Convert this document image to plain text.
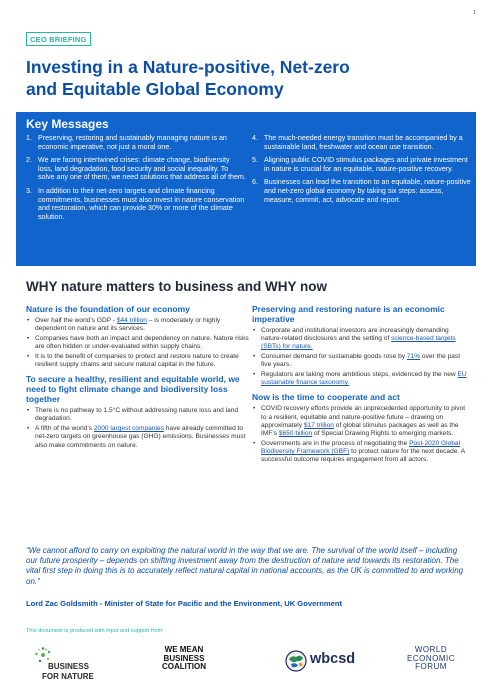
1
CEO BRIEFING
Investing in a Nature-positive, Net-zero
and Equitable Global Economy
Key Messages
1. Preserving, restoring and sustainably managing nature is an economic imperative, not just a moral one.
2. We are facing intertwined crises: climate change, biodiversity loss, land degradation, food security and social inequality. To solve any one of them, we need solutions that address all of them.
3. In addition to their net-zero targets and climate financing commitments, businesses must also invest in nature conservation and restoration, which can provide 30% or more of the climate solution.
4. The much-needed energy transition must be accompanied by a sustainable land, freshwater and ocean use transition.
5. Aligning public COVID stimulus packages and private investment in nature is crucial for an equitable, nature-positive recovery.
6. Businesses can lead the transition to an equitable, nature-positive and net-zero global economy by taking six steps: assess, measure, commit, act, advocate and report.
WHY nature matters to business and WHY now
Nature is the foundation of our economy
• Over half the world’s GDP - $44 trillion – is moderately or highly dependent on nature and its services.
• Companies have both an impact and dependency on nature. Nature risks are often hidden or under-evaluated within supply chains.
• It is to the benefit of companies to protect and restore nature to create resilient supply chains and secure natural capital in the future.
To secure a healthy, resilient and equitable world, we need to fight climate change and biodiversity loss together
• There is no pathway to 1.5°C without addressing nature loss and land degradation.
• A fifth of the world’s 2000 largest companies have already committed to net-zero targets on greenhouse gas (GHG) emissions. Businesses must also make commitments on nature.
Preserving and restoring nature is an economic imperative
• Corporate and institutional investors are increasingly demanding nature-related disclosures and the setting of science-based targets (SBTs) for nature.
• Consumer demand for sustainable goods rose by 71% over the past five years.
• Regulators are taking more ambitious steps, evidenced by the new EU sustainable finance taxonomy.
Now is the time to cooperate and act
• COVID recovery efforts provide an unprecedented opportunity to pivot to a resilient, equitable and nature-positive future – drawing on approximately $17 trillion of global stimulus packages as well as the IMF’s $650 billion of Special Drawing Rights to emerging markets.
• Governments are in the process of negotiating the Post-2020 Global Biodiversity Framework (GBF) to protect nature for the next decade. A successful outcome requires engagement from all actors.

“We cannot afford to carry on exploiting the natural world in the way that we are. The survival of the world itself – including our future prosperity – depends on shifting investment away from the destruction of nature and towards its restoration. The vital first step in doing this is to accurately reflect natural capital in national accounts, as the UK is committed to and working on.”

Lord Zac Goldsmith - Minister of State for Pacific and the Environment, UK Government

This document is produced with input and support from:

BUSINESS
FOR NATURE
WE MEAN
BUSINESS
COALITION	wbcsd
WORLD
ECONOMIC
FORUM
